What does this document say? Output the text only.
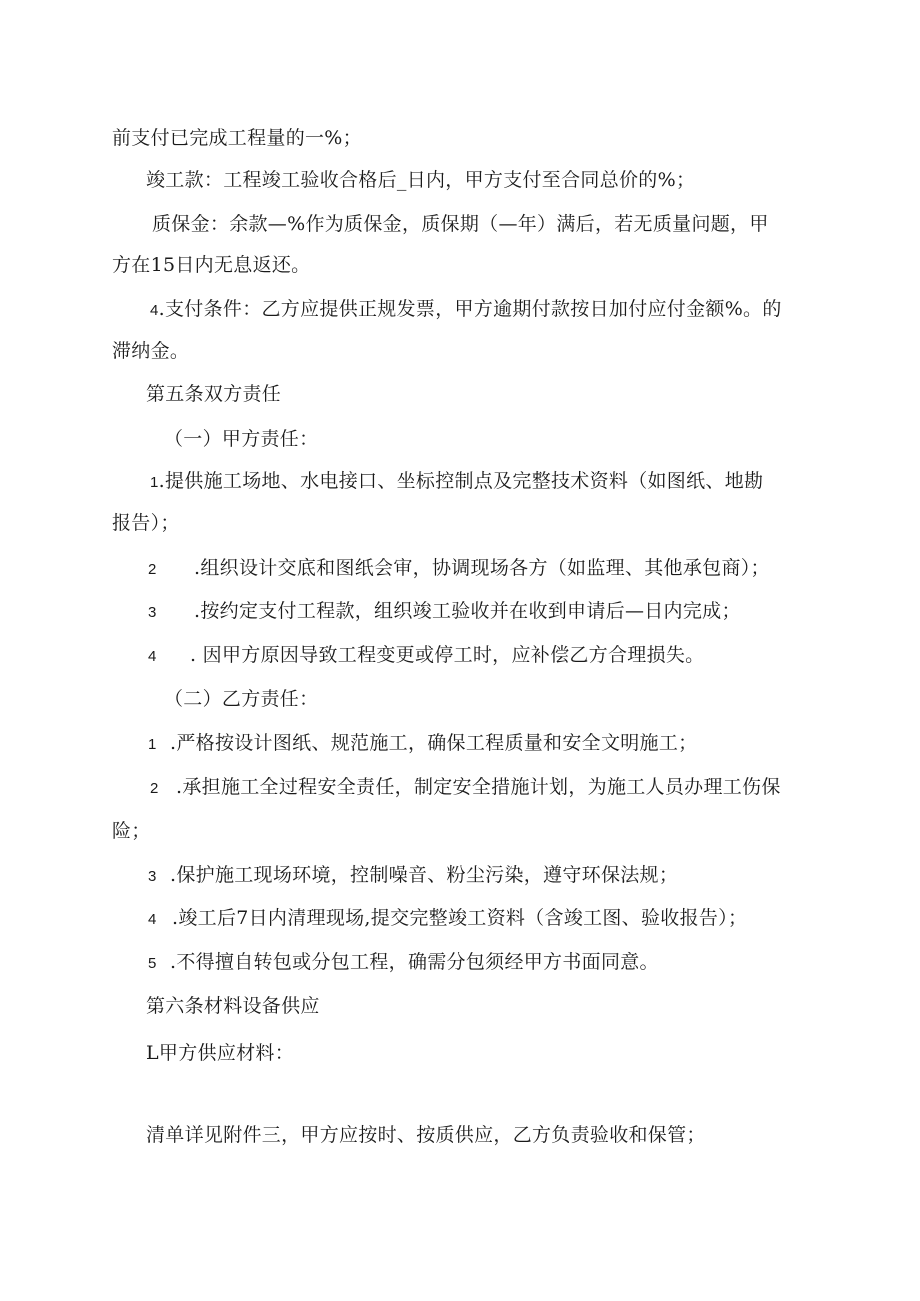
前支付已完成工程量的一%；
竣工款：工程竣工验收合格后_日内，甲方支付至合同总价的%；
质保金：余款—%作为质保金，质保期（—年）满后，若无质量问题，甲
方在15日内无息返还。
4.支付条件：乙方应提供正规发票，甲方逾期付款按日加付应付金额%。的
滞纳金。
第五条双方责任
（一）甲方责任：
1.提供施工场地、水电接口、坐标控制点及完整技术资料（如图纸、地勘
报告）；
2 .组织设计交底和图纸会审，协调现场各方（如监理、其他承包商）；
3 .按约定支付工程款，组织竣工验收并在收到申请后—日内完成；
4 . 因甲方原因导致工程变更或停工时，应补偿乙方合理损失。
（二）乙方责任：
1 .严格按设计图纸、规范施工，确保工程质量和安全文明施工；
2 .承担施工全过程安全责任，制定安全措施计划，为施工人员办理工伤保
险；
3 .保护施工现场环境，控制噪音、粉尘污染，遵守环保法规；
4 .竣工后7日内清理现场,提交完整竣工资料（含竣工图、验收报告）；
5 .不得擅自转包或分包工程，确需分包须经甲方书面同意。
第六条材料设备供应
L甲方供应材料：
清单详见附件三，甲方应按时、按质供应，乙方负责验收和保管；
